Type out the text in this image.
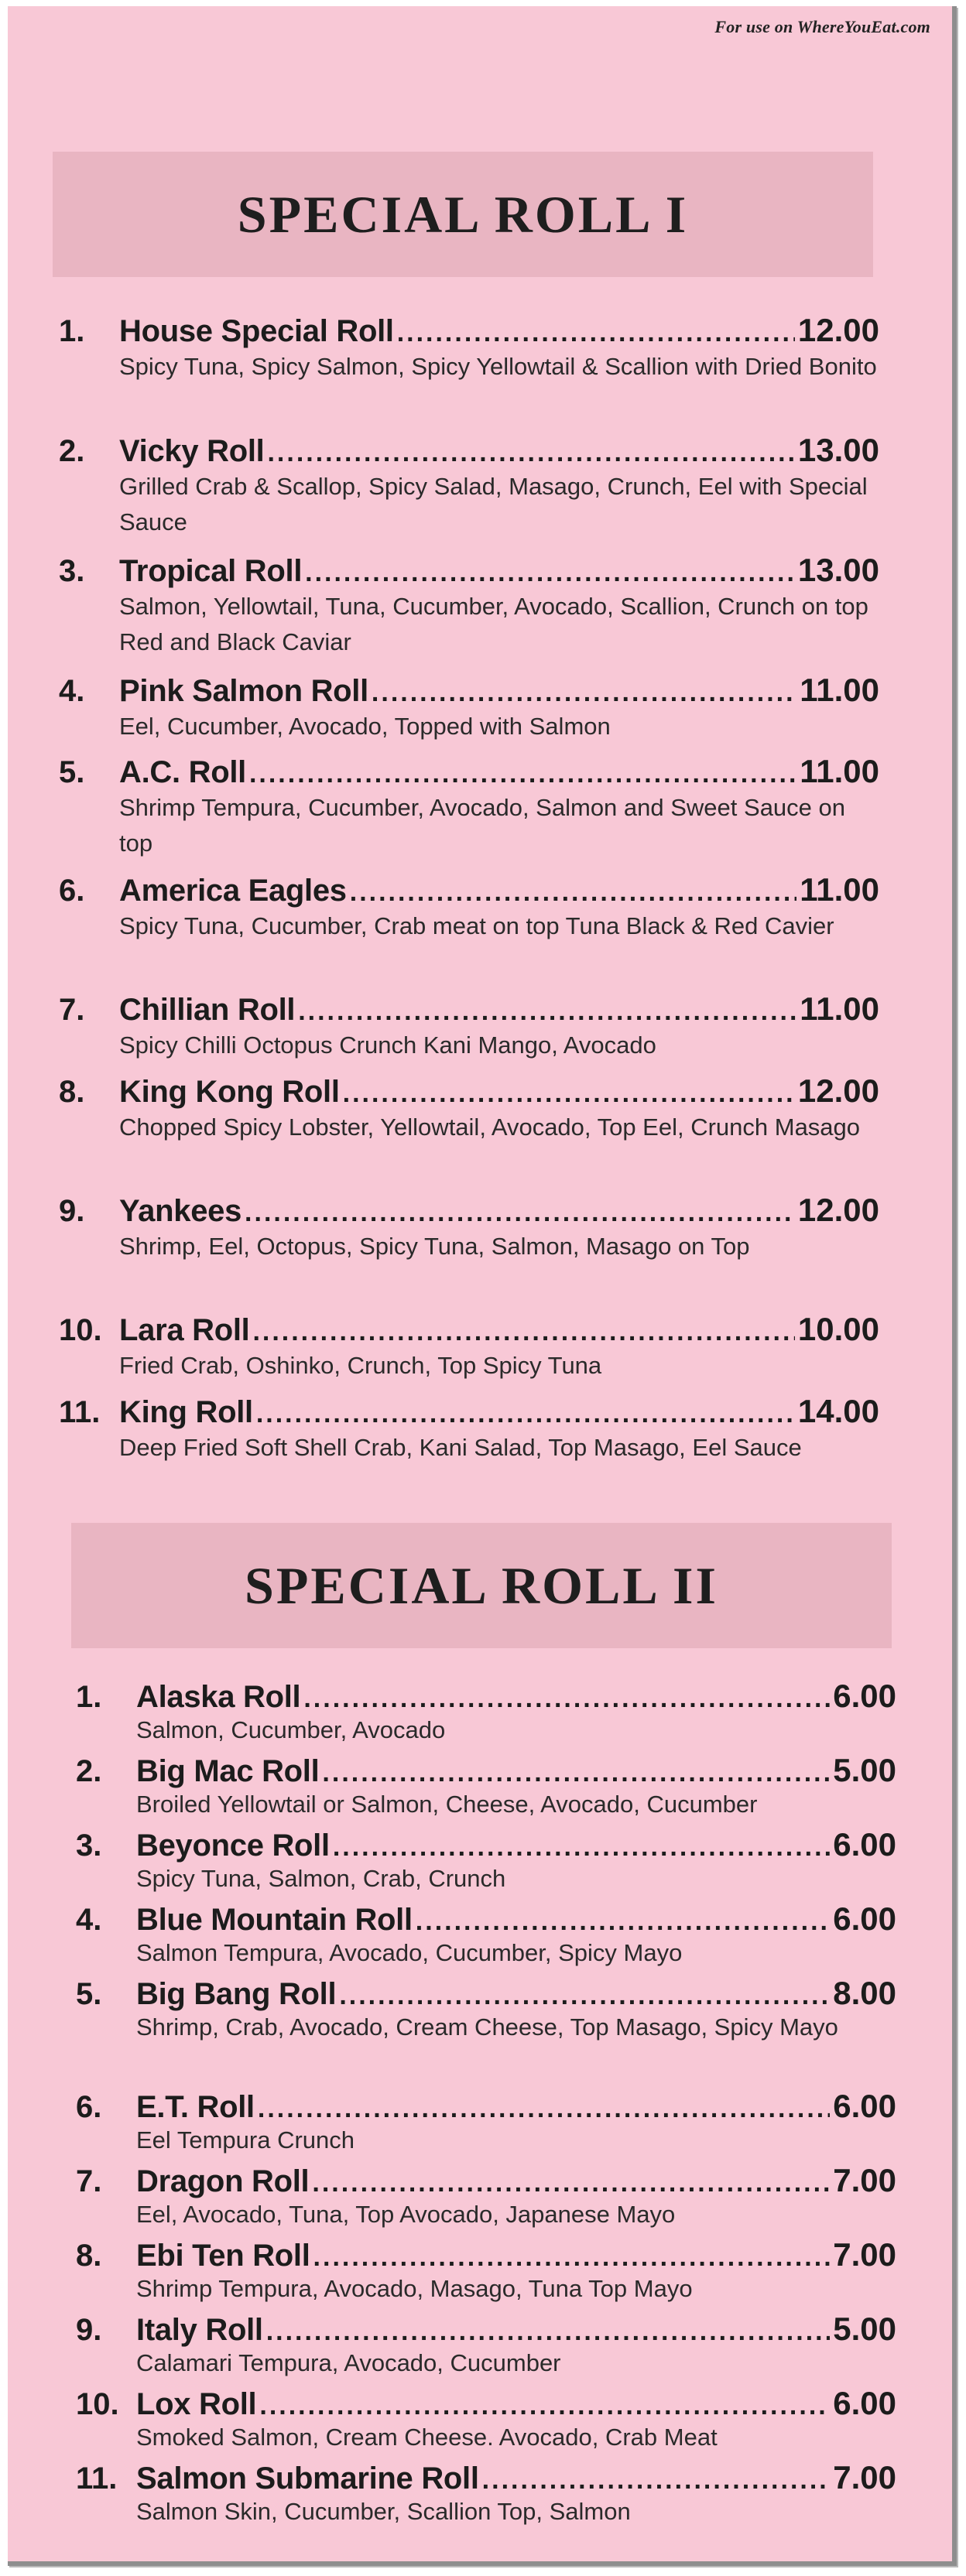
For use on WhereYouEat.com
SPECIAL ROLL I
1.	House Special Roll .....	12.00
Spicy Tuna, Spicy Salmon, Spicy Yellowtail & Scallion with Dried Bonito
2.	Vicky Roll .....	13.00
Grilled Crab & Scallop, Spicy Salad, Masago, Crunch, Eel with Special Sauce
3.	Tropical Roll .....	13.00
Salmon, Yellowtail, Tuna, Cucumber, Avocado, Scallion, Crunch on top Red and Black Caviar
4.	Pink Salmon Roll .....	11.00
Eel, Cucumber, Avocado, Topped with Salmon
5.	A.C. Roll .....	11.00
Shrimp Tempura, Cucumber, Avocado, Salmon and Sweet Sauce on top
6.	America Eagles .....	11.00
Spicy Tuna, Cucumber, Crab meat on top Tuna Black & Red Cavier
7.	Chillian Roll .....	11.00
Spicy Chilli Octopus Crunch Kani Mango, Avocado
8.	King Kong Roll .....	12.00
Chopped Spicy Lobster, Yellowtail, Avocado, Top Eel, Crunch Masago
9.	Yankees .....	12.00
Shrimp, Eel, Octopus, Spicy Tuna, Salmon, Masago on Top
10. Lara Roll .....	10.00
Fried Crab, Oshinko, Crunch, Top Spicy Tuna
11. King Roll .....	14.00
Deep Fried Soft Shell Crab, Kani Salad, Top Masago, Eel Sauce
SPECIAL ROLL II
1.	Alaska Roll .....	6.00
Salmon, Cucumber, Avocado
2.	Big Mac Roll .....	5.00
Broiled Yellowtail or Salmon, Cheese, Avocado, Cucumber
3.	Beyonce Roll .....	6.00
Spicy Tuna, Salmon, Crab, Crunch
4.	Blue Mountain Roll .....	6.00
Salmon Tempura, Avocado, Cucumber, Spicy Mayo
5.	Big Bang Roll .....	8.00
Shrimp, Crab, Avocado, Cream Cheese, Top Masago, Spicy Mayo
6.	E.T. Roll .....	6.00
Eel Tempura Crunch
7.	Dragon Roll .....	7.00
Eel, Avocado, Tuna, Top Avocado, Japanese Mayo
8.	Ebi Ten Roll .....	7.00
Shrimp Tempura, Avocado, Masago, Tuna Top Mayo
9.	Italy Roll .....	5.00
Calamari Tempura, Avocado, Cucumber
10. Lox Roll .....	6.00
Smoked Salmon, Cream Cheese. Avocado, Crab Meat
11. Salmon Submarine Roll .....	7.00
Salmon Skin, Cucumber, Scallion Top, Salmon
